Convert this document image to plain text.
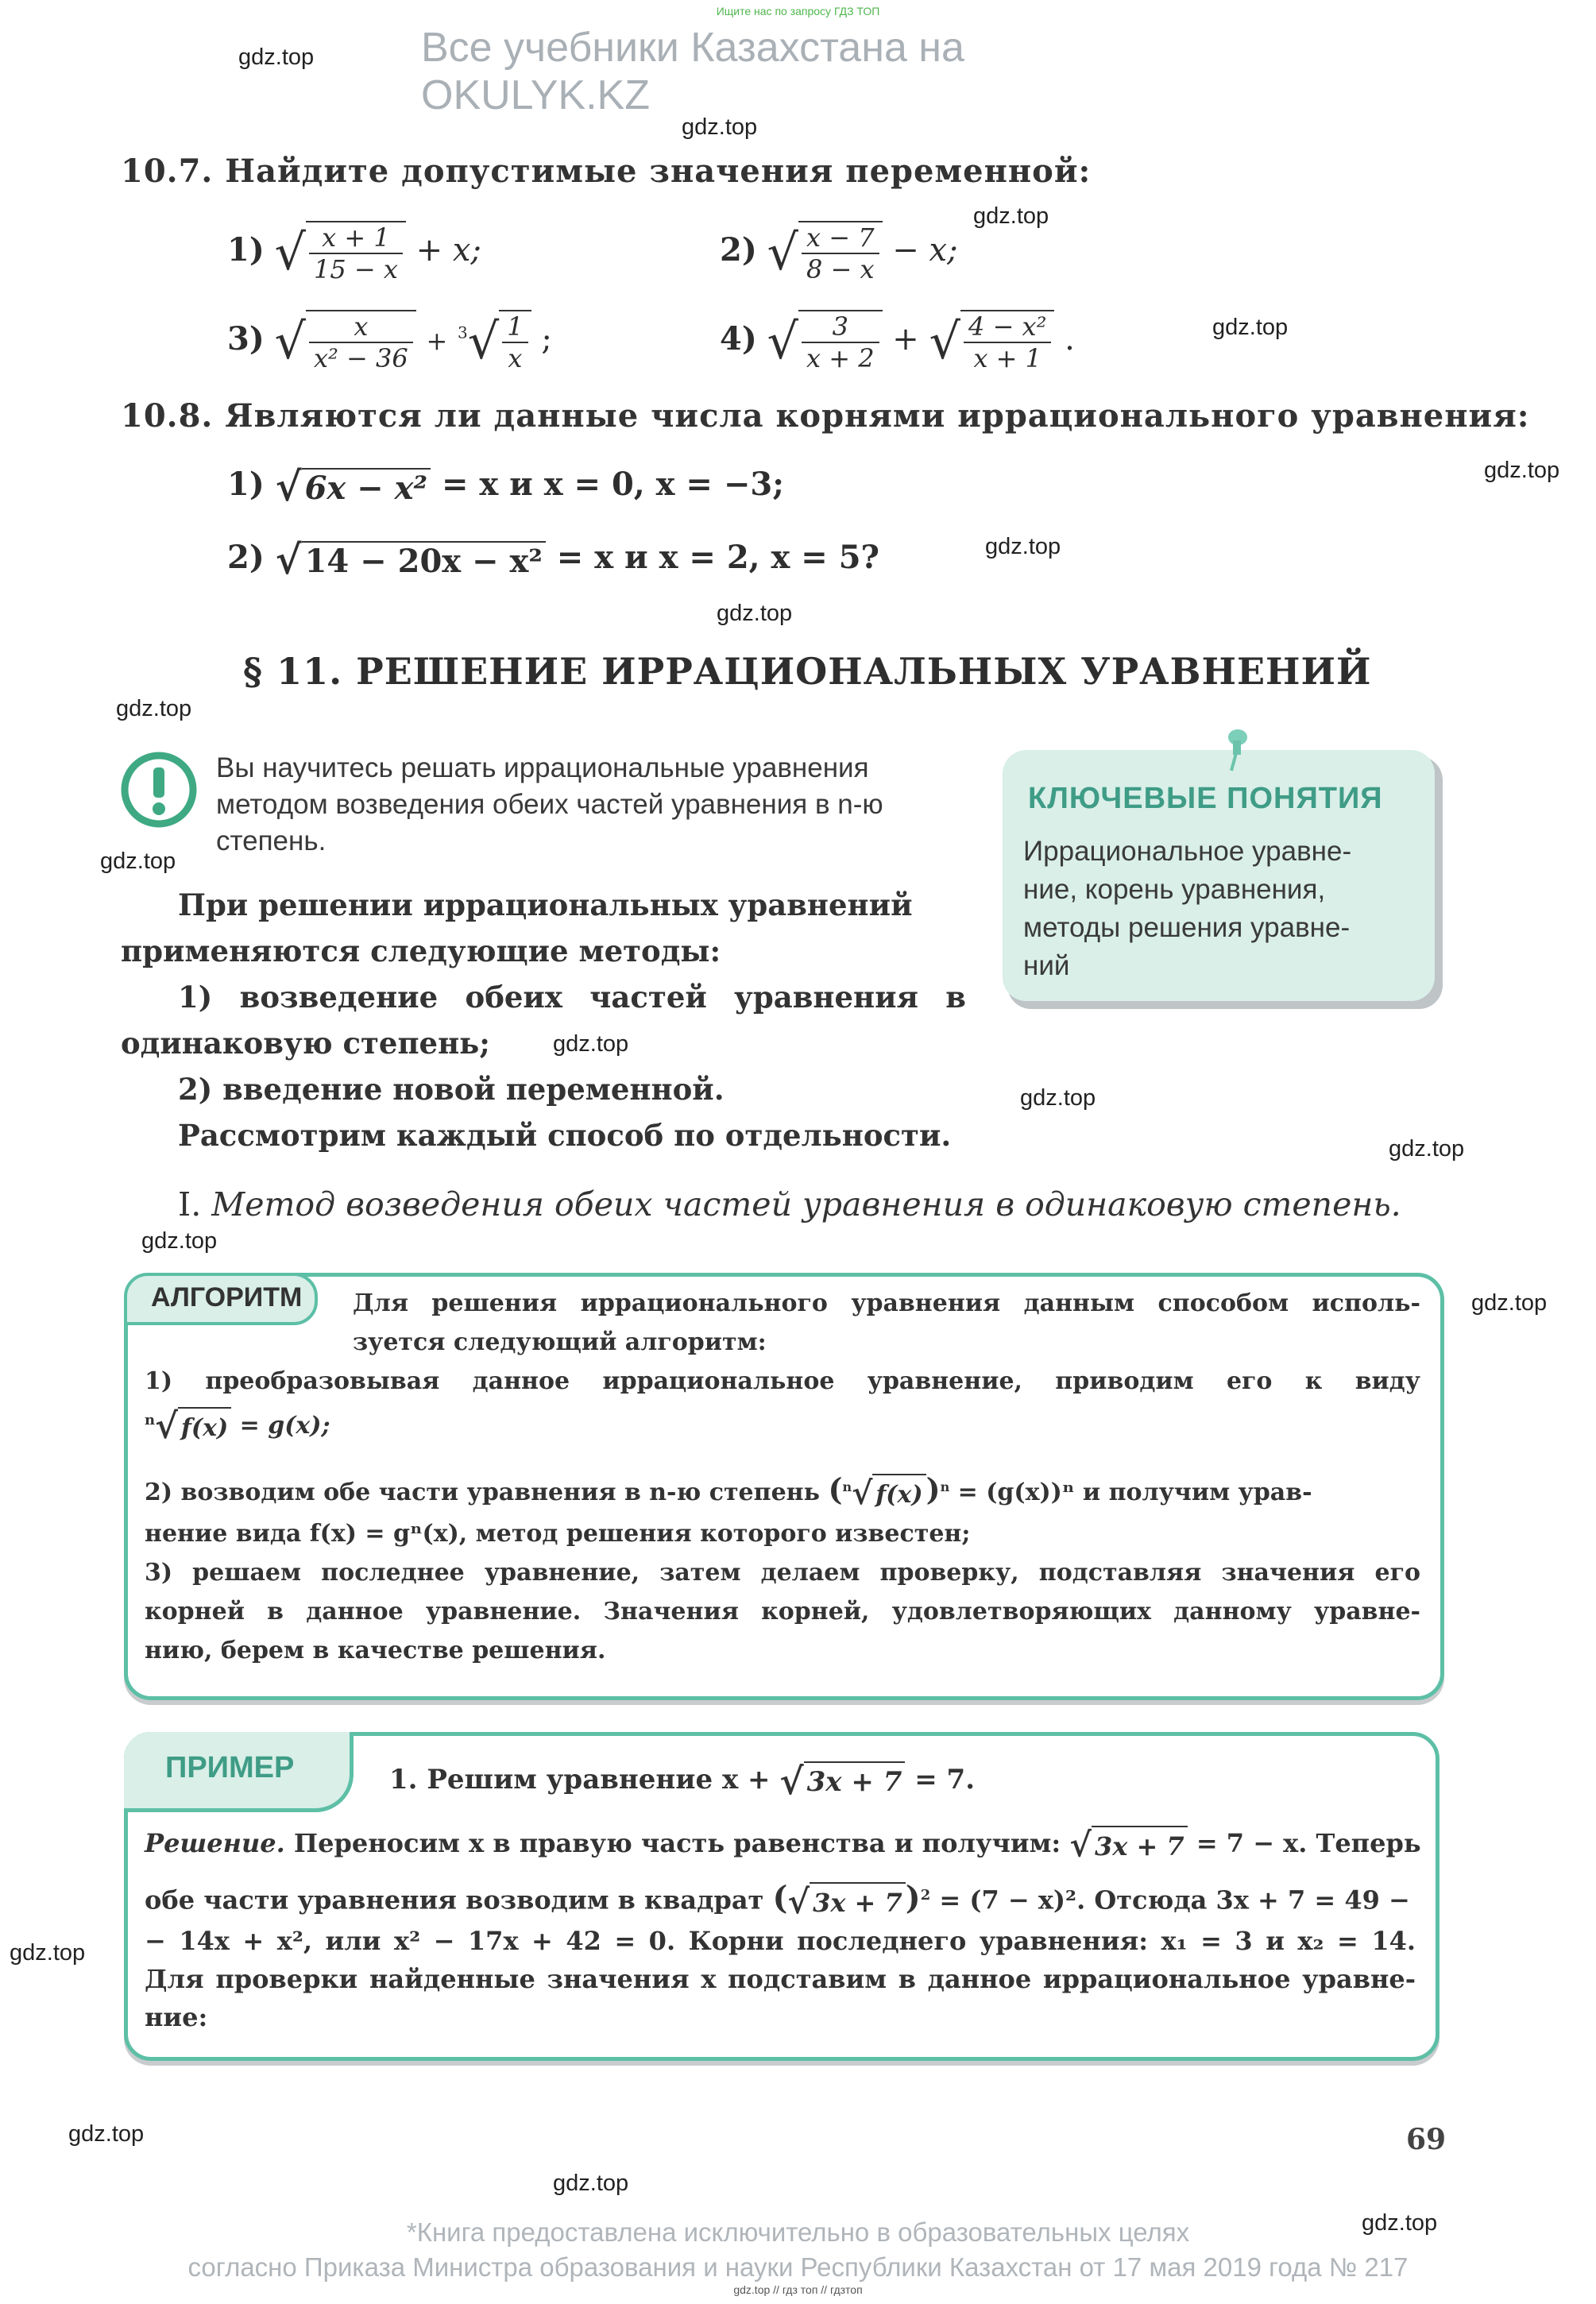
Ищите нас по запросу ГДЗ ТОП
Все учебники Казахстана на OKULYK.KZ
gdz.top
gdz.top
gdz.top
gdz.top
gdz.top
gdz.top
gdz.top
gdz.top
gdz.top
gdz.top
gdz.top
gdz.top
gdz.top
gdz.top
gdz.top
gdz.top
gdz.top
gdz.top
10.7. Найдите допустимые значения переменной:
1) √ $\frac{x + 1}{15 - x} + x$;	2) √ $\frac{x - 7}{8 - x} - x$;
3) √ $\frac{x}{\text{x² − 36}} + ^3√ \frac{1}{x}$ ;	4) √ $\frac{3}{x + 2}$ + √ $\frac{\text{4 − x²}}{x + 1}$ .
10.8. Являются ли данные числа корнями иррационального уравнения:
1) √ 6x − x² = x и x = 0, x = −3;
2) √ 14 − 20x − x² = x и x = 2, x = 5?
§ 11. РЕШЕНИЕ ИРРАЦИОНАЛЬНЫХ УРАВНЕНИЙ
Вы научитесь решать иррациональные уравнения
методом возведения обеих частей уравнения в n-ю
степень.
КЛЮЧЕВЫЕ ПОНЯТИЯ
Иррациональное уравне-
ние, корень уравнения,
методы решения уравне-
ний
При решении иррациональных уравнений
применяются следующие методы:
1) возведение обеих частей уравнения в
одинаковую степень;
2) введение новой переменной.
Рассмотрим каждый способ по отдельности.
I. Метод возведения обеих частей уравнения в одинаковую степень.
АЛГОРИТМ	Для решения иррационального уравнения данным способом исполь-
зуется следующий алгоритм:
1) преобразовывая данное иррациональное уравнение, приводим его к виду
$^n$√ f(x) = g(x);
2) возводим обе части уравнения в n-ю степень ($^n$√ f(x) )$^n$ = (g(x))ⁿ и получим урав-
нение вида f(x) = gⁿ(x), метод решения которого известен;
3) решаем последнее уравнение, затем делаем проверку, подставляя значения его
корней в данное уравнение. Значения корней, удовлетворяющих данному уравне-
нию, берем в качестве решения.
ПРИМЕР	1. Решим уравнение x + √ 3x + 7 = 7.
Решение. Переносим x в правую часть равенства и получим: √ 3x + 7 = 7 − x. Теперь
обе части уравнения возводим в квадрат (√ 3x + 7 )$^2$ = (7 − x)². Отсюда 3x + 7 = 49 −
− 14x + x², или x² − 17x + 42 = 0. Корни последнего уравнения: x₁ = 3 и x₂ = 14.
Для проверки найденные значения x подставим в данное иррациональное уравне-
ние:
69
*Книга предоставлена исключительно в образовательных целях
согласно Приказа Министра образования и науки Республики Казахстан от 17 мая 2019 года № 217
gdz.top // гдз топ // гдзтоп
